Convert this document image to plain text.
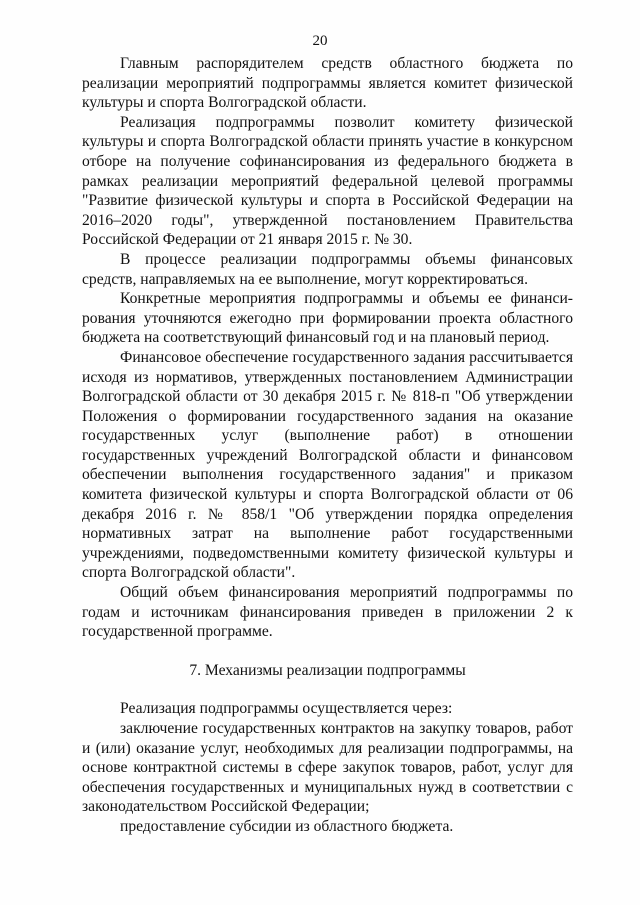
20

Главным распорядителем средств областного бюджета по реализации мероприятий подпрограммы является комитет физической культуры и спорта Волгоградской области.

Реализация подпрограммы позволит комитету физической культуры и спорта Волгоградской области принять участие в конкурсном отборе на получение софинансирования из федерального бюджета в рамках реализации мероприятий федеральной целевой программы "Развитие физической культуры и спорта в Российской Федерации на 2016–2020 годы", утвержденной постановлением Правительства Российской Федерации от 21 января 2015 г. № 30.

В процессе реализации подпрограммы объемы финансовых средств, направляемых на ее выполнение, могут корректироваться.

Конкретные мероприятия подпрограммы и объемы ее финансирования уточняются ежегодно при формировании проекта областного бюджета на соответствующий финансовый год и на плановый период.

Финансовое обеспечение государственного задания рассчитывается исходя из нормативов, утвержденных постановлением Администрации Волгоградской области от 30 декабря 2015 г. № 818-п "Об утверждении Положения о формировании государственного задания на оказание государственных услуг (выполнение работ) в отношении государственных учреждений Волгоградской области и финансовом обеспечении выполнения государственного задания" и приказом комитета физической культуры и спорта Волгоградской области от 06 декабря 2016 г. № 858/1 "Об утверждении порядка определения нормативных затрат на выполнение работ государственными учреждениями, подведомственными комитету физической культуры и спорта Волгоградской области".

Общий объем финансирования мероприятий подпрограммы по годам и источникам финансирования приведен в приложении 2 к государственной программе.

7. Механизмы реализации подпрограммы

Реализация подпрограммы осуществляется через:

заключение государственных контрактов на закупку товаров, работ и (или) оказание услуг, необходимых для реализации подпрограммы, на основе контрактной системы в сфере закупок товаров, работ, услуг для обеспечения государственных и муниципальных нужд в соответствии с законодательством Российской Федерации;

предоставление субсидии из областного бюджета.
